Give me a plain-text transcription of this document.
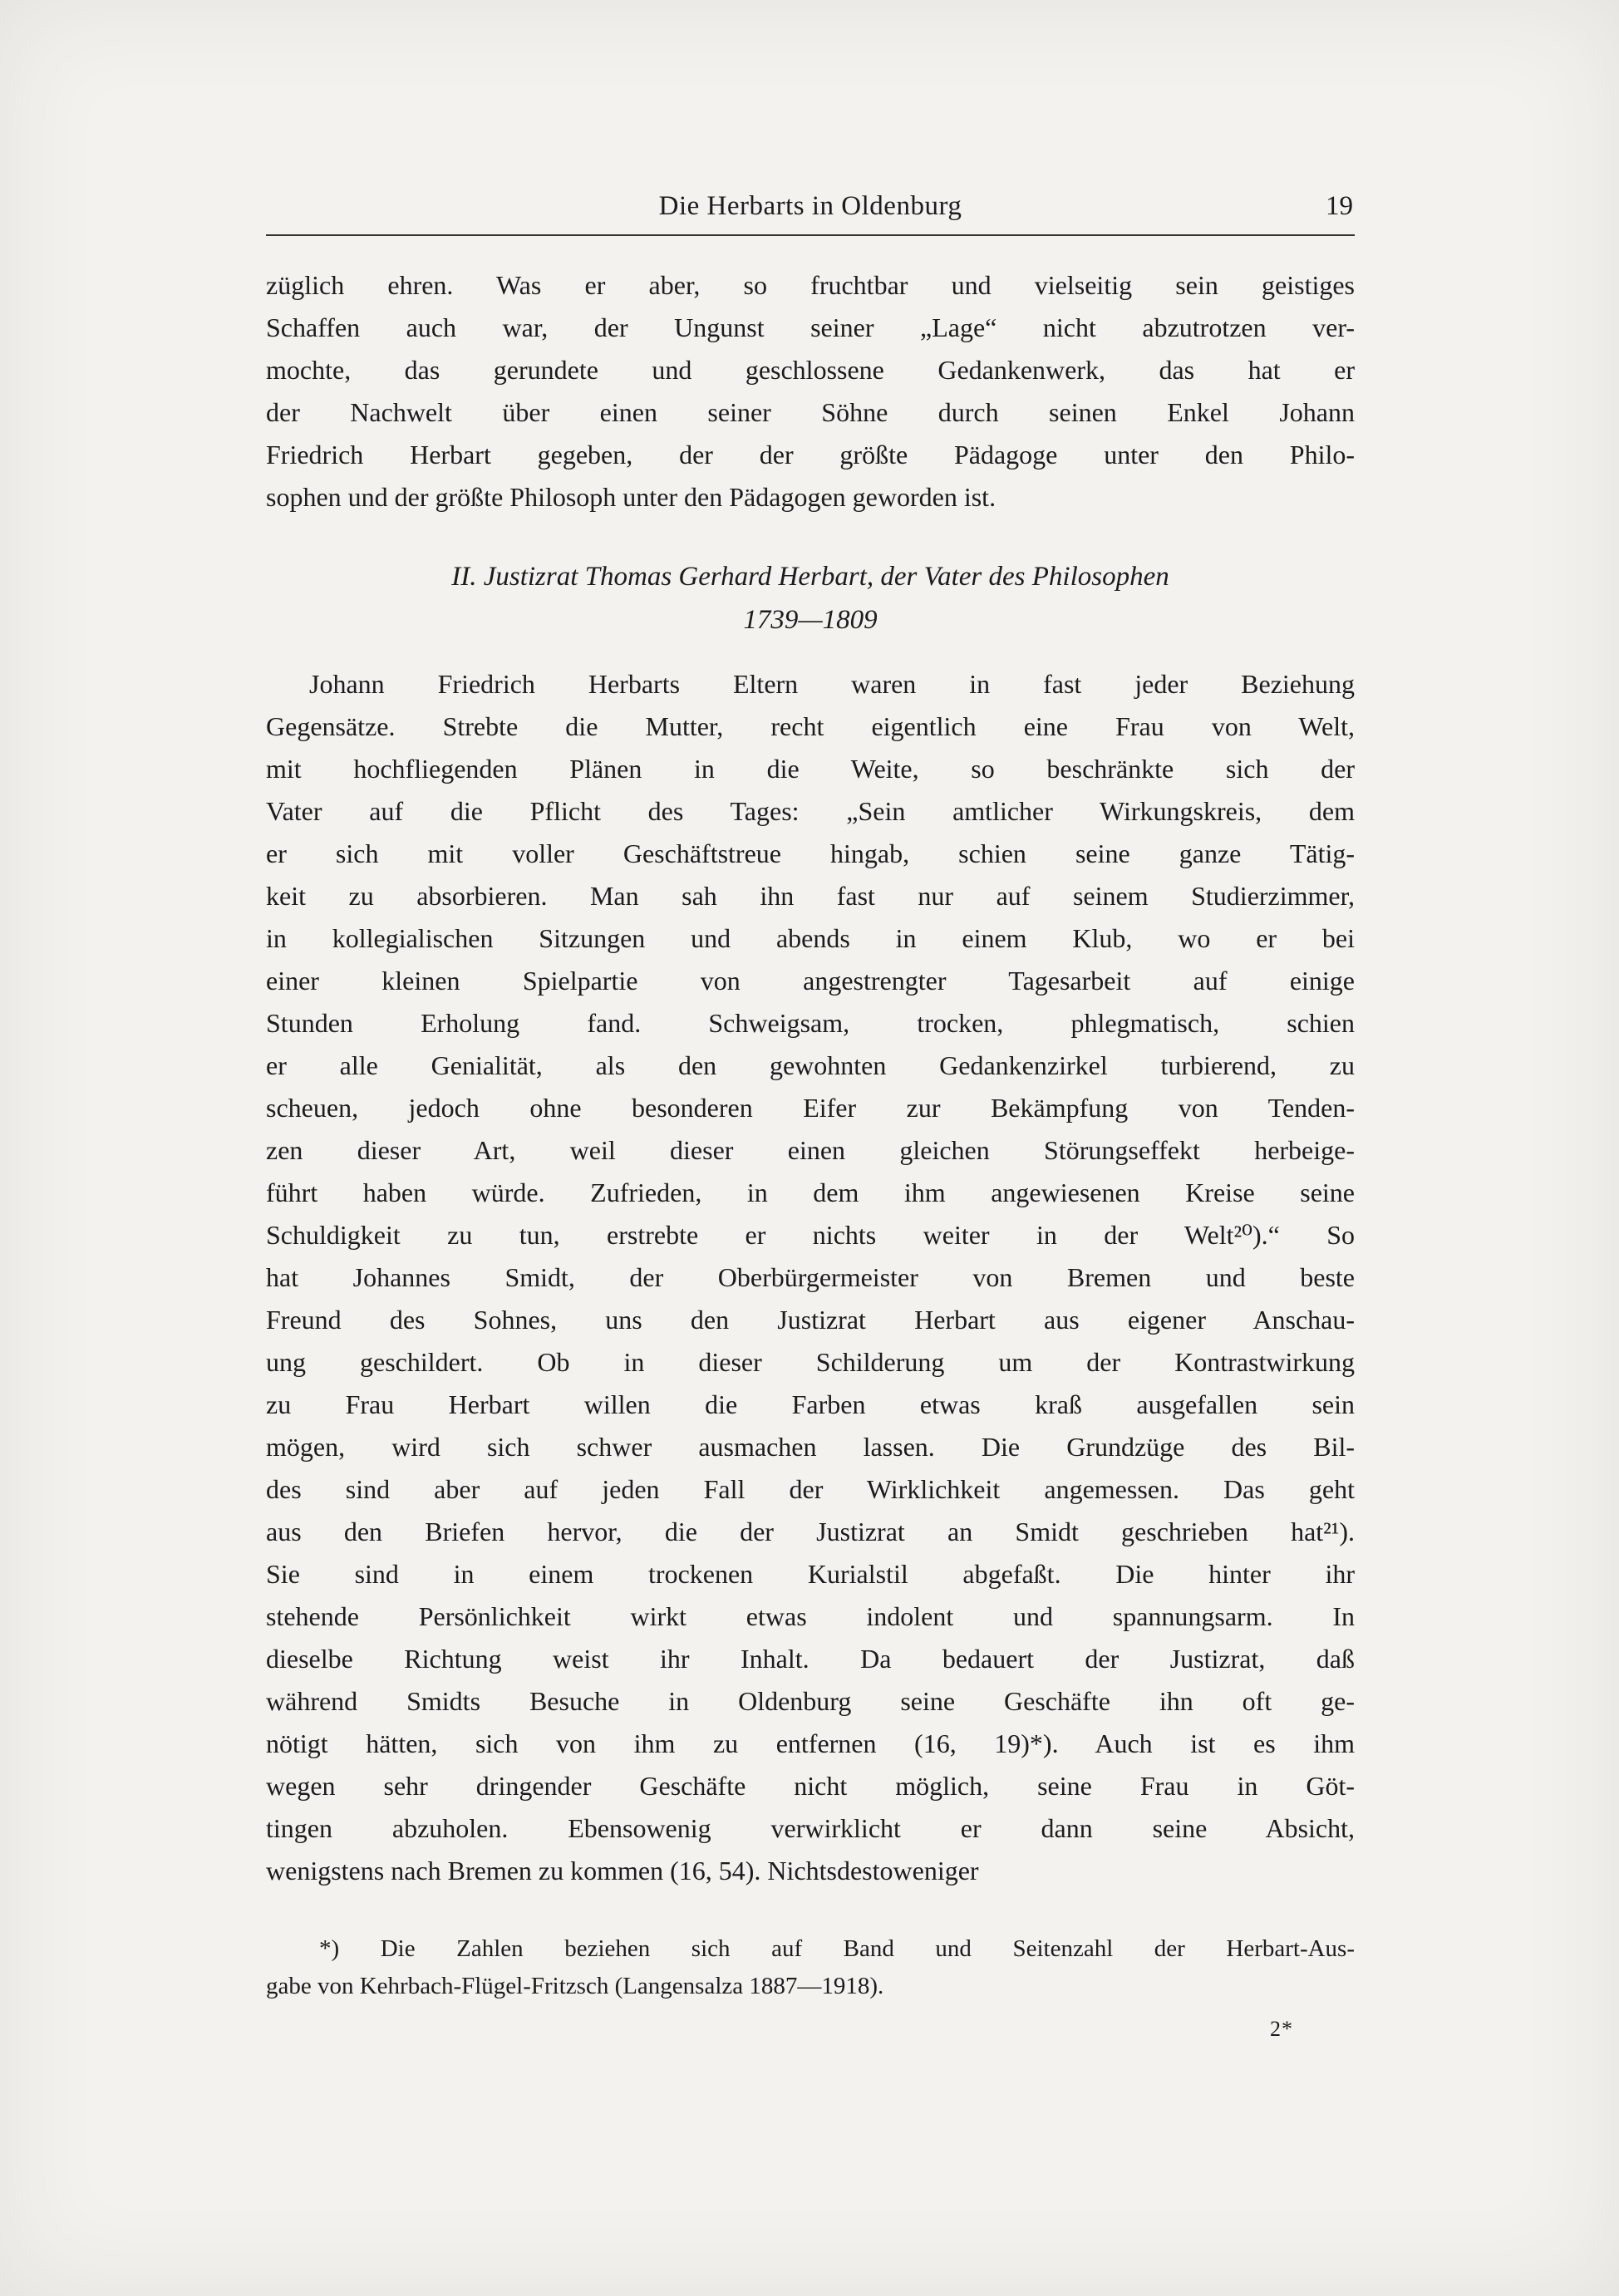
Die Herbarts in Oldenburg	19
züglich ehren. Was er aber, so fruchtbar und vielseitig sein geistiges
Schaffen auch war, der Ungunst seiner „Lage“ nicht abzutrotzen ver-
mochte, das gerundete und geschlossene Gedankenwerk, das hat er
der Nachwelt über einen seiner Söhne durch seinen Enkel Johann
Friedrich Herbart gegeben, der der größte Pädagoge unter den Philo-
sophen und der größte Philosoph unter den Pädagogen geworden ist.
II. Justizrat Thomas Gerhard Herbart, der Vater des Philosophen
1739—1809
Johann Friedrich Herbarts Eltern waren in fast jeder Beziehung
Gegensätze. Strebte die Mutter, recht eigentlich eine Frau von Welt,
mit hochfliegenden Plänen in die Weite, so beschränkte sich der
Vater auf die Pflicht des Tages: „Sein amtlicher Wirkungskreis, dem
er sich mit voller Geschäftstreue hingab, schien seine ganze Tätig-
keit zu absorbieren. Man sah ihn fast nur auf seinem Studierzimmer,
in kollegialischen Sitzungen und abends in einem Klub, wo er bei
einer kleinen Spielpartie von angestrengter Tagesarbeit auf einige
Stunden Erholung fand. Schweigsam, trocken, phlegmatisch, schien
er alle Genialität, als den gewohnten Gedankenzirkel turbierend, zu
scheuen, jedoch ohne besonderen Eifer zur Bekämpfung von Tenden-
zen dieser Art, weil dieser einen gleichen Störungseffekt herbeige-
führt haben würde. Zufrieden, in dem ihm angewiesenen Kreise seine
Schuldigkeit zu tun, erstrebte er nichts weiter in der Welt²⁰).“ So
hat Johannes Smidt, der Oberbürgermeister von Bremen und beste
Freund des Sohnes, uns den Justizrat Herbart aus eigener Anschau-
ung geschildert. Ob in dieser Schilderung um der Kontrastwirkung
zu Frau Herbart willen die Farben etwas kraß ausgefallen sein
mögen, wird sich schwer ausmachen lassen. Die Grundzüge des Bil-
des sind aber auf jeden Fall der Wirklichkeit angemessen. Das geht
aus den Briefen hervor, die der Justizrat an Smidt geschrieben hat²¹).
Sie sind in einem trockenen Kurialstil abgefaßt. Die hinter ihr
stehende Persönlichkeit wirkt etwas indolent und spannungsarm. In
dieselbe Richtung weist ihr Inhalt. Da bedauert der Justizrat, daß
während Smidts Besuche in Oldenburg seine Geschäfte ihn oft ge-
nötigt hätten, sich von ihm zu entfernen (16, 19)*). Auch ist es ihm
wegen sehr dringender Geschäfte nicht möglich, seine Frau in Göt-
tingen abzuholen. Ebensowenig verwirklicht er dann seine Absicht,
wenigstens nach Bremen zu kommen (16, 54). Nichtsdestoweniger
*) Die Zahlen beziehen sich auf Band und Seitenzahl der Herbart-Aus-
gabe von Kehrbach-Flügel-Fritzsch (Langensalza 1887—1918).
2*
